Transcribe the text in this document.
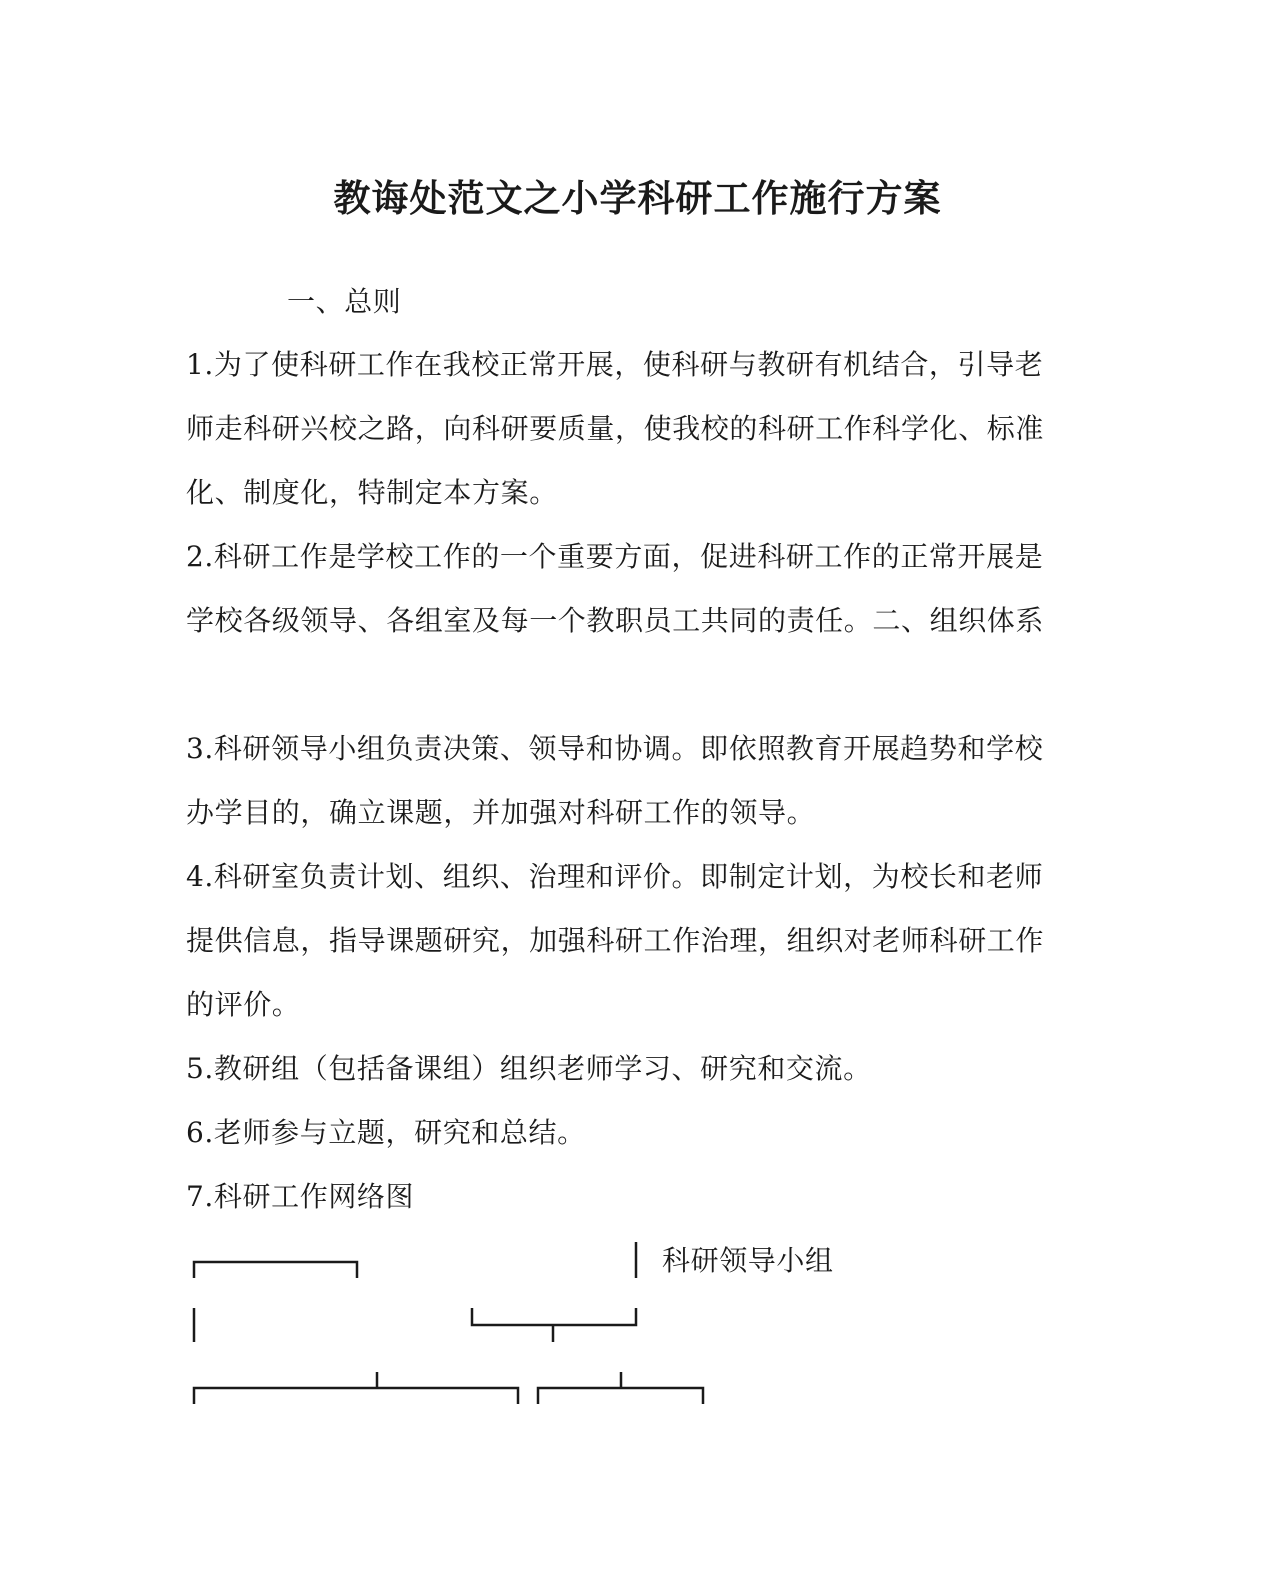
教诲处范文之小学科研工作施行方案
一、总则
1.为了使科研工作在我校正常开展，使科研与教研有机结合，引导老
师走科研兴校之路，向科研要质量，使我校的科研工作科学化、标准
化、制度化，特制定本方案。
2.科研工作是学校工作的一个重要方面，促进科研工作的正常开展是
学校各级领导、各组室及每一个教职员工共同的责任。二、组织体系
3.科研领导小组负责决策、领导和协调。即依照教育开展趋势和学校
办学目的，确立课题，并加强对科研工作的领导。
4.科研室负责计划、组织、治理和评价。即制定计划，为校长和老师
提供信息，指导课题研究，加强科研工作治理，组织对老师科研工作
的评价。
5.教研组（包括备课组）组织老师学习、研究和交流。
6.老师参与立题，研究和总结。
7.科研工作网络图
科研领导小组
